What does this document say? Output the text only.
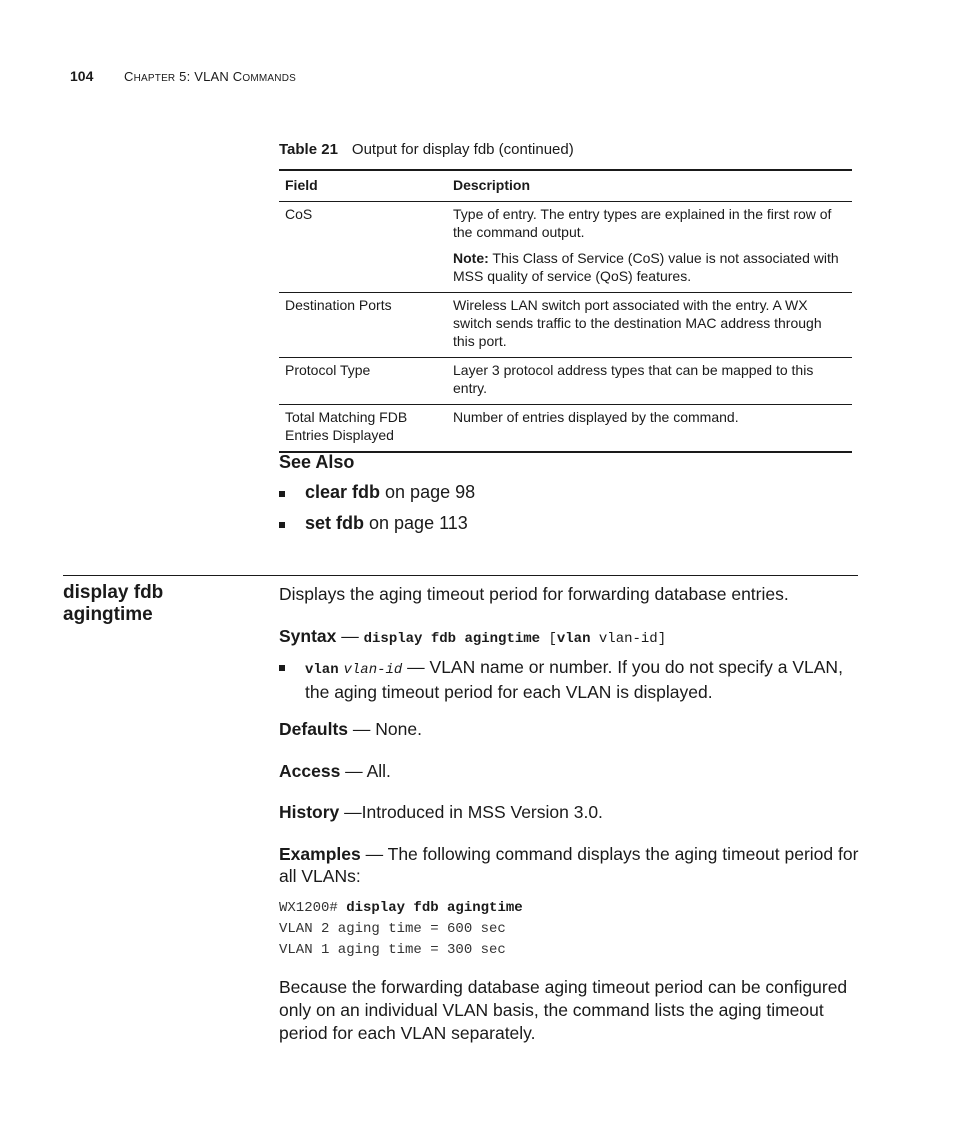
104 CHAPTER 5: VLAN COMMANDS
Table 21 Output for display fdb (continued)
Field	Description
CoS	Type of entry. The entry types are explained in the first row of the command output.

Note: This Class of Service (CoS) value is not associated with MSS quality of service (QoS) features.

Destination Ports	Wireless LAN switch port associated with the entry. A WX switch sends traffic to the destination MAC address through this port.
Protocol Type	Layer 3 protocol address types that can be mapped to this entry.
Total Matching FDB Entries Displayed	Number of entries displayed by the command.
See Also
clear fdb on page 98
set fdb on page 113
display fdb
agingtime
Displays the aging timeout period for forwarding database entries.
Syntax — display fdb agingtime [vlan vlan-id]
vlan vlan-id — VLAN name or number. If you do not specify a VLAN, the aging timeout period for each VLAN is displayed.
Defaults — None.
Access — All.
History —Introduced in MSS Version 3.0.
Examples — The following command displays the aging timeout period for all VLANs:
WX1200# display fdb agingtime
VLAN 2 aging time = 600 sec
VLAN 1 aging time = 300 sec
Because the forwarding database aging timeout period can be configured only on an individual VLAN basis, the command lists the aging timeout period for each VLAN separately.
